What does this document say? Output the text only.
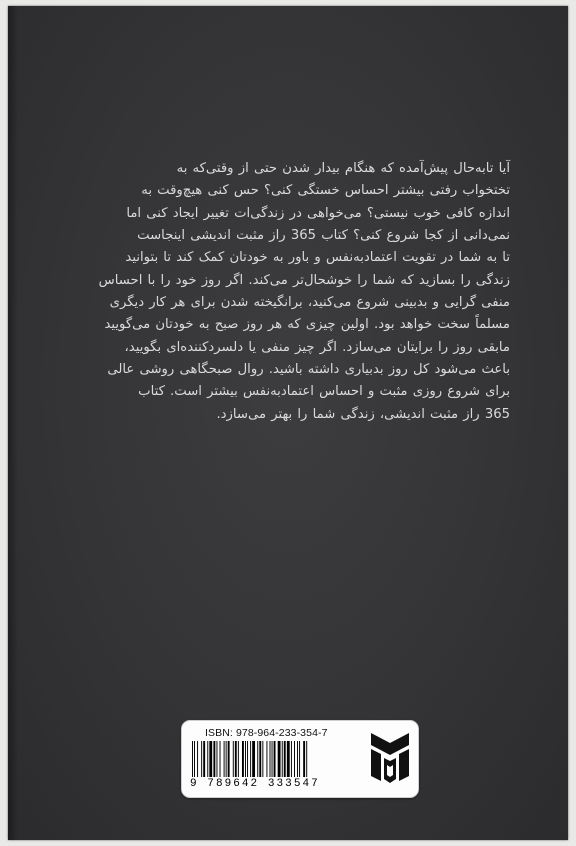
آیا تا‌به‌حال پیش‌آمده که هنگام بیدار شدن حتی از وقتی‌که به
تختخواب رفتی بیشتر احساس خستگی کنی؟ حس کنی هیچ‌وقت به
اندازه کافی خوب نیستی؟ می‌خواهی در زندگی‌ات تغییر ایجاد کنی اما
نمی‌دانی از کجا شروع کنی؟ کتاب 365 راز مثبت اندیشی اینجاست
تا به شما در تقویت اعتمادبه‌نفس و باور به خودتان کمک کند تا بتوانید
زندگی را بسازید که شما را خوشحال‌تر می‌کند. اگر روز خود را با احساس
منفی گرایی و بدبینی شروع می‌کنید، برانگیخته شدن برای هر کار دیگری
مسلماً سخت خواهد بود. اولین چیزی که هر روز صبح به خودتان می‌گویید
مابقی روز را برایتان می‌سازد. اگر چیز منفی یا دلسردکننده‌ای بگویید،
باعث می‌شود کل روز بدبیاری داشته باشید. روال صبحگاهی روشی عالی
برای شروع روزی مثبت و احساس اعتمادبه‌نفس بیشتر است. کتاب
365 راز مثبت اندیشی، زندگی شما را بهتر می‌سازد.
ISBN: 978-964-233-354-7
9 789642 333547
